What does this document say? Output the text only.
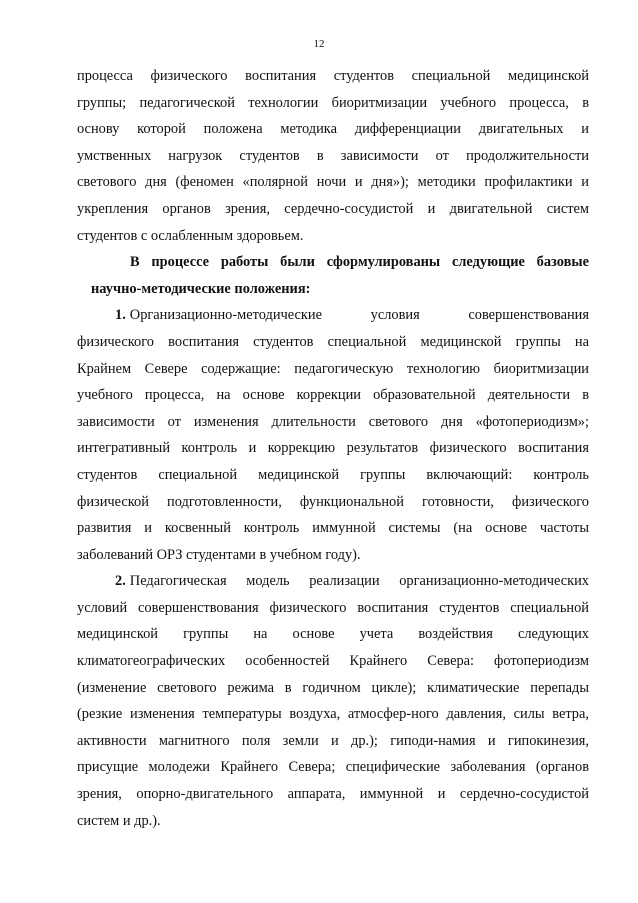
12
процесса физического воспитания студентов специальной медицинской
группы; педагогической технологии биоритмизации учебного процесса, в
основу которой положена методика дифференциации двигательных и
умственных нагрузок студентов в зависимости от продолжительности
светового дня (феномен «полярной ночи и дня»); методики профилактики и
укрепления органов зрения, сердечно-сосудистой и двигательной систем
студентов с ослабленным здоровьем.
В процессе работы были сформулированы следующие базовые
научно-методические положения:
1. Организационно-методические условия совершенствования
физического воспитания студентов специальной медицинской группы на
Крайнем Севере содержащие: педагогическую технологию биоритмизации
учебного процесса, на основе коррекции образовательной деятельности в
зависимости от изменения длительности светового дня «фотопериодизм»;
интегративный контроль и коррекцию результатов физического воспитания
студентов специальной медицинской группы включающий: контроль
физической подготовленности, функциональной готовности, физического
развития и косвенный контроль иммунной системы (на основе частоты
заболеваний ОРЗ студентами в учебном году).
2. Педагогическая модель реализации организационно-методических
условий совершенствования физического воспитания студентов специальной
медицинской группы на основе учета воздействия следующих
климатогеографических особенностей Крайнего Севера: фотопериодизм
(изменение светового режима в годичном цикле); климатические перепады
(резкие изменения температуры воздуха, атмосфер-ного давления, силы ветра,
активности магнитного поля земли и др.); гиподи-намия и гипокинезия,
присущие молодежи Крайнего Севера; специфические заболевания (органов
зрения, опорно-двигательного аппарата, иммунной и сердечно-сосудистой
систем и др.).
